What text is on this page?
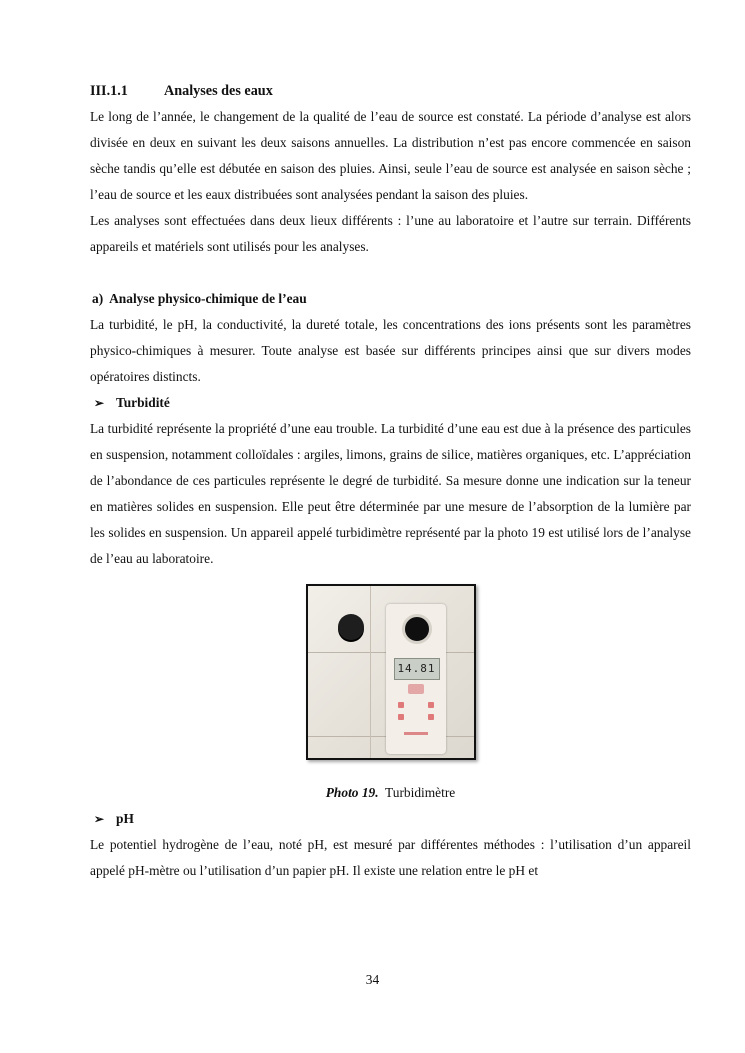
III.1.1	Analyses des eaux

Le long de l’année, le changement de la qualité de l’eau de source est constaté. La période d’analyse est alors divisée en deux en suivant les deux saisons annuelles. La distribution n’est pas encore commencée en saison sèche tandis qu’elle est débutée en saison des pluies. Ainsi, seule l’eau de source est analysée en saison sèche ; l’eau de source et les eaux distribuées sont analysées pendant la saison des pluies.

Les analyses sont effectuées dans deux lieux différents : l’une au laboratoire et l’autre sur terrain. Différents appareils et matériels sont utilisés pour les analyses.

a) Analyse physico-chimique de l’eau

La turbidité, le pH, la conductivité, la dureté totale, les concentrations des ions présents sont les paramètres physico-chimiques à mesurer. Toute analyse est basée sur différents principes ainsi que sur divers modes opératoires distincts.

➢ Turbidité

La turbidité représente la propriété d’une eau trouble. La turbidité d’une eau est due à la présence des particules en suspension, notamment colloïdales : argiles, limons, grains de silice, matières organiques, etc. L’appréciation de l’abondance de ces particules représente le degré de turbidité. Sa mesure donne une indication sur la teneur en matières solides en suspension. Elle peut être déterminée par une mesure de l’absorption de la lumière par les solides en suspension. Un appareil appelé turbidimètre représenté par la photo 19 est utilisé lors de l’analyse de l’eau au laboratoire.

14.81
Photo 19. Turbidimètre
➢ pH

Le potentiel hydrogène de l’eau, noté pH, est mesuré par différentes méthodes : l’utilisation d’un appareil appelé pH-mètre ou l’utilisation d’un papier pH. Il existe une relation entre le pH et

34
